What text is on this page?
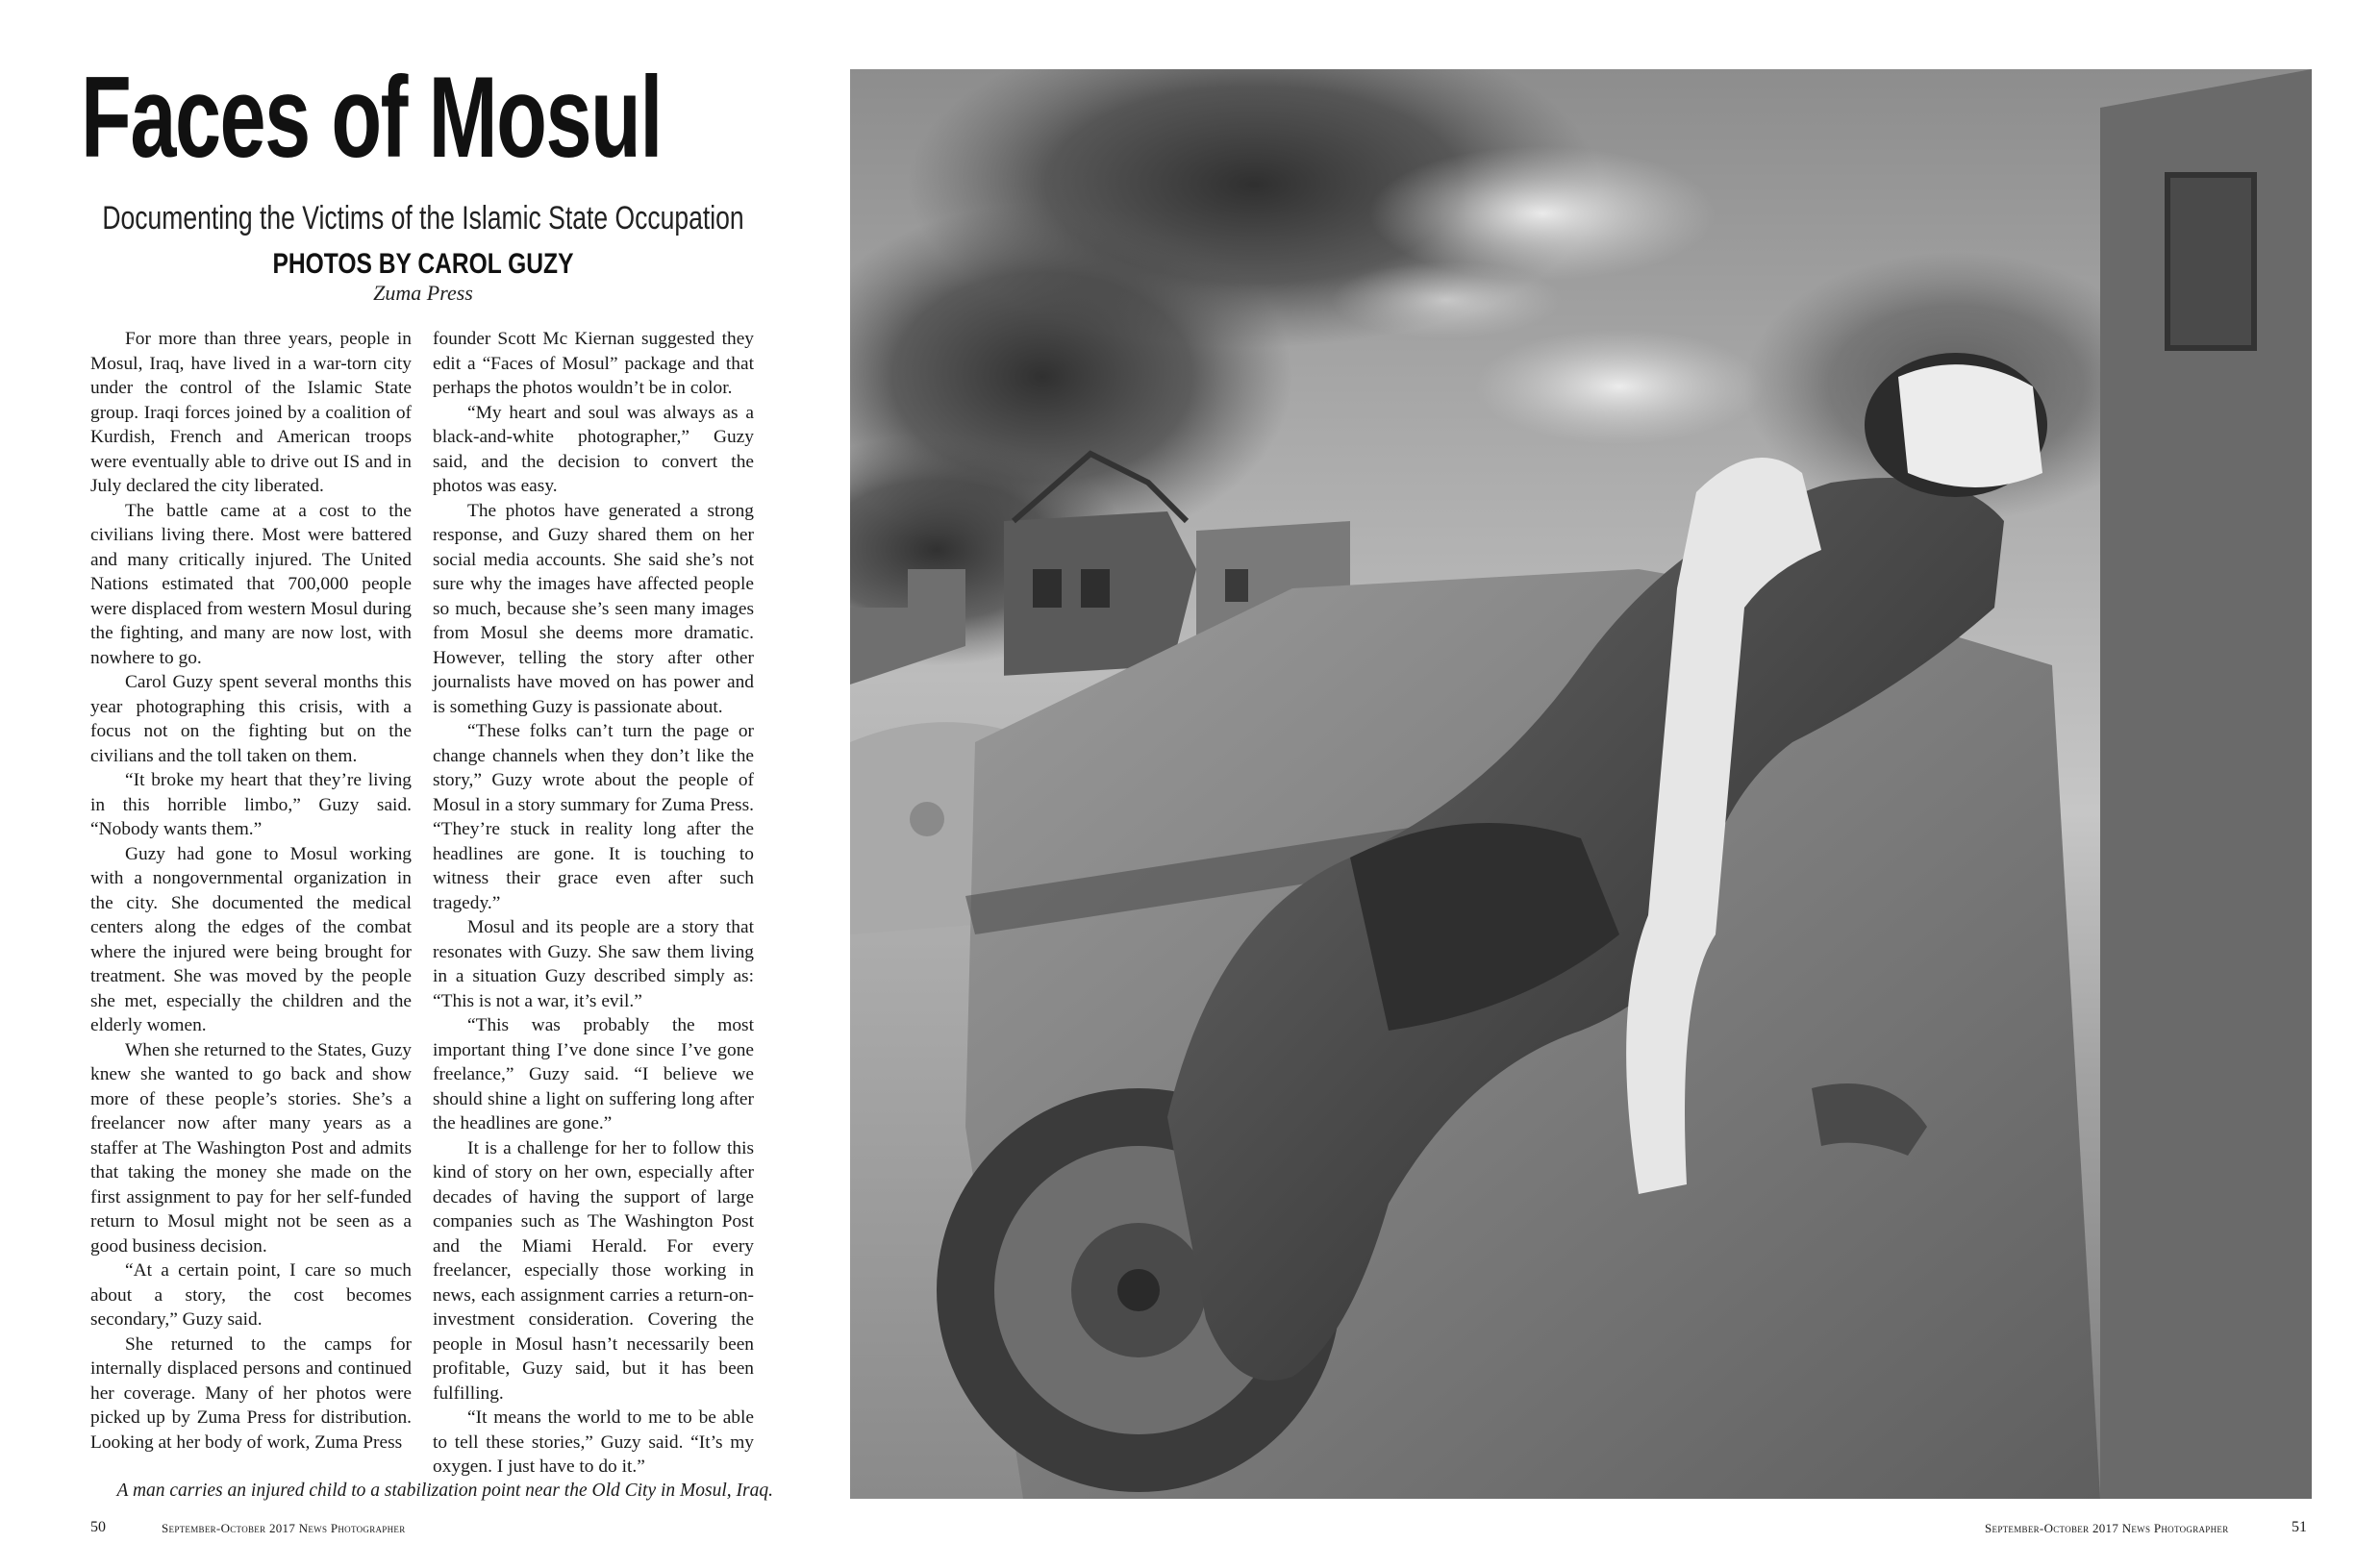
Faces of Mosul
Documenting the Victims of the Islamic State Occupation
PHOTOS BY CAROL GUZY
Zuma Press

For more than three years, people in Mosul, Iraq, have lived in a war-torn city under the control of the Islamic State group. Iraqi forces joined by a coalition of Kurdish, French and American troops were eventually able to drive out IS and in July declared the city liberated.

The battle came at a cost to the civilians living there. Most were battered and many critically injured. The United Nations estimated that 700,000 people were displaced from western Mosul during the fighting, and many are now lost, with nowhere to go.

Carol Guzy spent several months this year photographing this crisis, with a focus not on the fighting but on the civilians and the toll taken on them.

“It broke my heart that they’re living in this horrible limbo,” Guzy said. “Nobody wants them.”

Guzy had gone to Mosul working with a nongovernmental organization in the city. She documented the medical centers along the edges of the combat where the injured were being brought for treatment. She was moved by the people she met, especially the children and the elderly women.

When she returned to the States, Guzy knew she wanted to go back and show more of these people’s stories. She’s a freelancer now after many years as a staffer at The Washington Post and admits that taking the money she made on the first assignment to pay for her self-funded return to Mosul might not be seen as a good business decision.

“At a certain point, I care so much about a story, the cost becomes secondary,” Guzy said.

She returned to the camps for internally displaced persons and continued her coverage. Many of her photos were picked up by Zuma Press for distribution. Looking at her body of work, Zuma Press

founder Scott Mc Kiernan suggested they edit a “Faces of Mosul” package and that perhaps the photos wouldn’t be in color.

“My heart and soul was always as a black-and-white photographer,” Guzy said, and the decision to convert the photos was easy.

The photos have generated a strong response, and Guzy shared them on her social media accounts. She said she’s not sure why the images have affected people so much, because she’s seen many images from Mosul she deems more dramatic. However, telling the story after other journalists have moved on has power and is something Guzy is passionate about.

“These folks can’t turn the page or change channels when they don’t like the story,” Guzy wrote about the people of Mosul in a story summary for Zuma Press. “They’re stuck in reality long after the headlines are gone. It is touching to witness their grace even after such tragedy.”

Mosul and its people are a story that resonates with Guzy. She saw them living in a situation Guzy described simply as: “This is not a war, it’s evil.”

“This was probably the most important thing I’ve done since I’ve gone freelance,” Guzy said. “I believe we should shine a light on suffering long after the headlines are gone.”

It is a challenge for her to follow this kind of story on her own, especially after decades of having the support of large companies such as The Washington Post and the Miami Herald. For every freelancer, especially those working in news, each assignment carries a return-on-investment consideration. Covering the people in Mosul hasn’t necessarily been profitable, Guzy said, but it has been fulfilling.

“It means the world to me to be able to tell these stories,” Guzy said. “It’s my oxygen. I just have to do it.”

A man carries an injured child to a stabilization point near the Old City in Mosul, Iraq.
50	September-October 2017 News Photographer	September-October 2017 News Photographer	51
